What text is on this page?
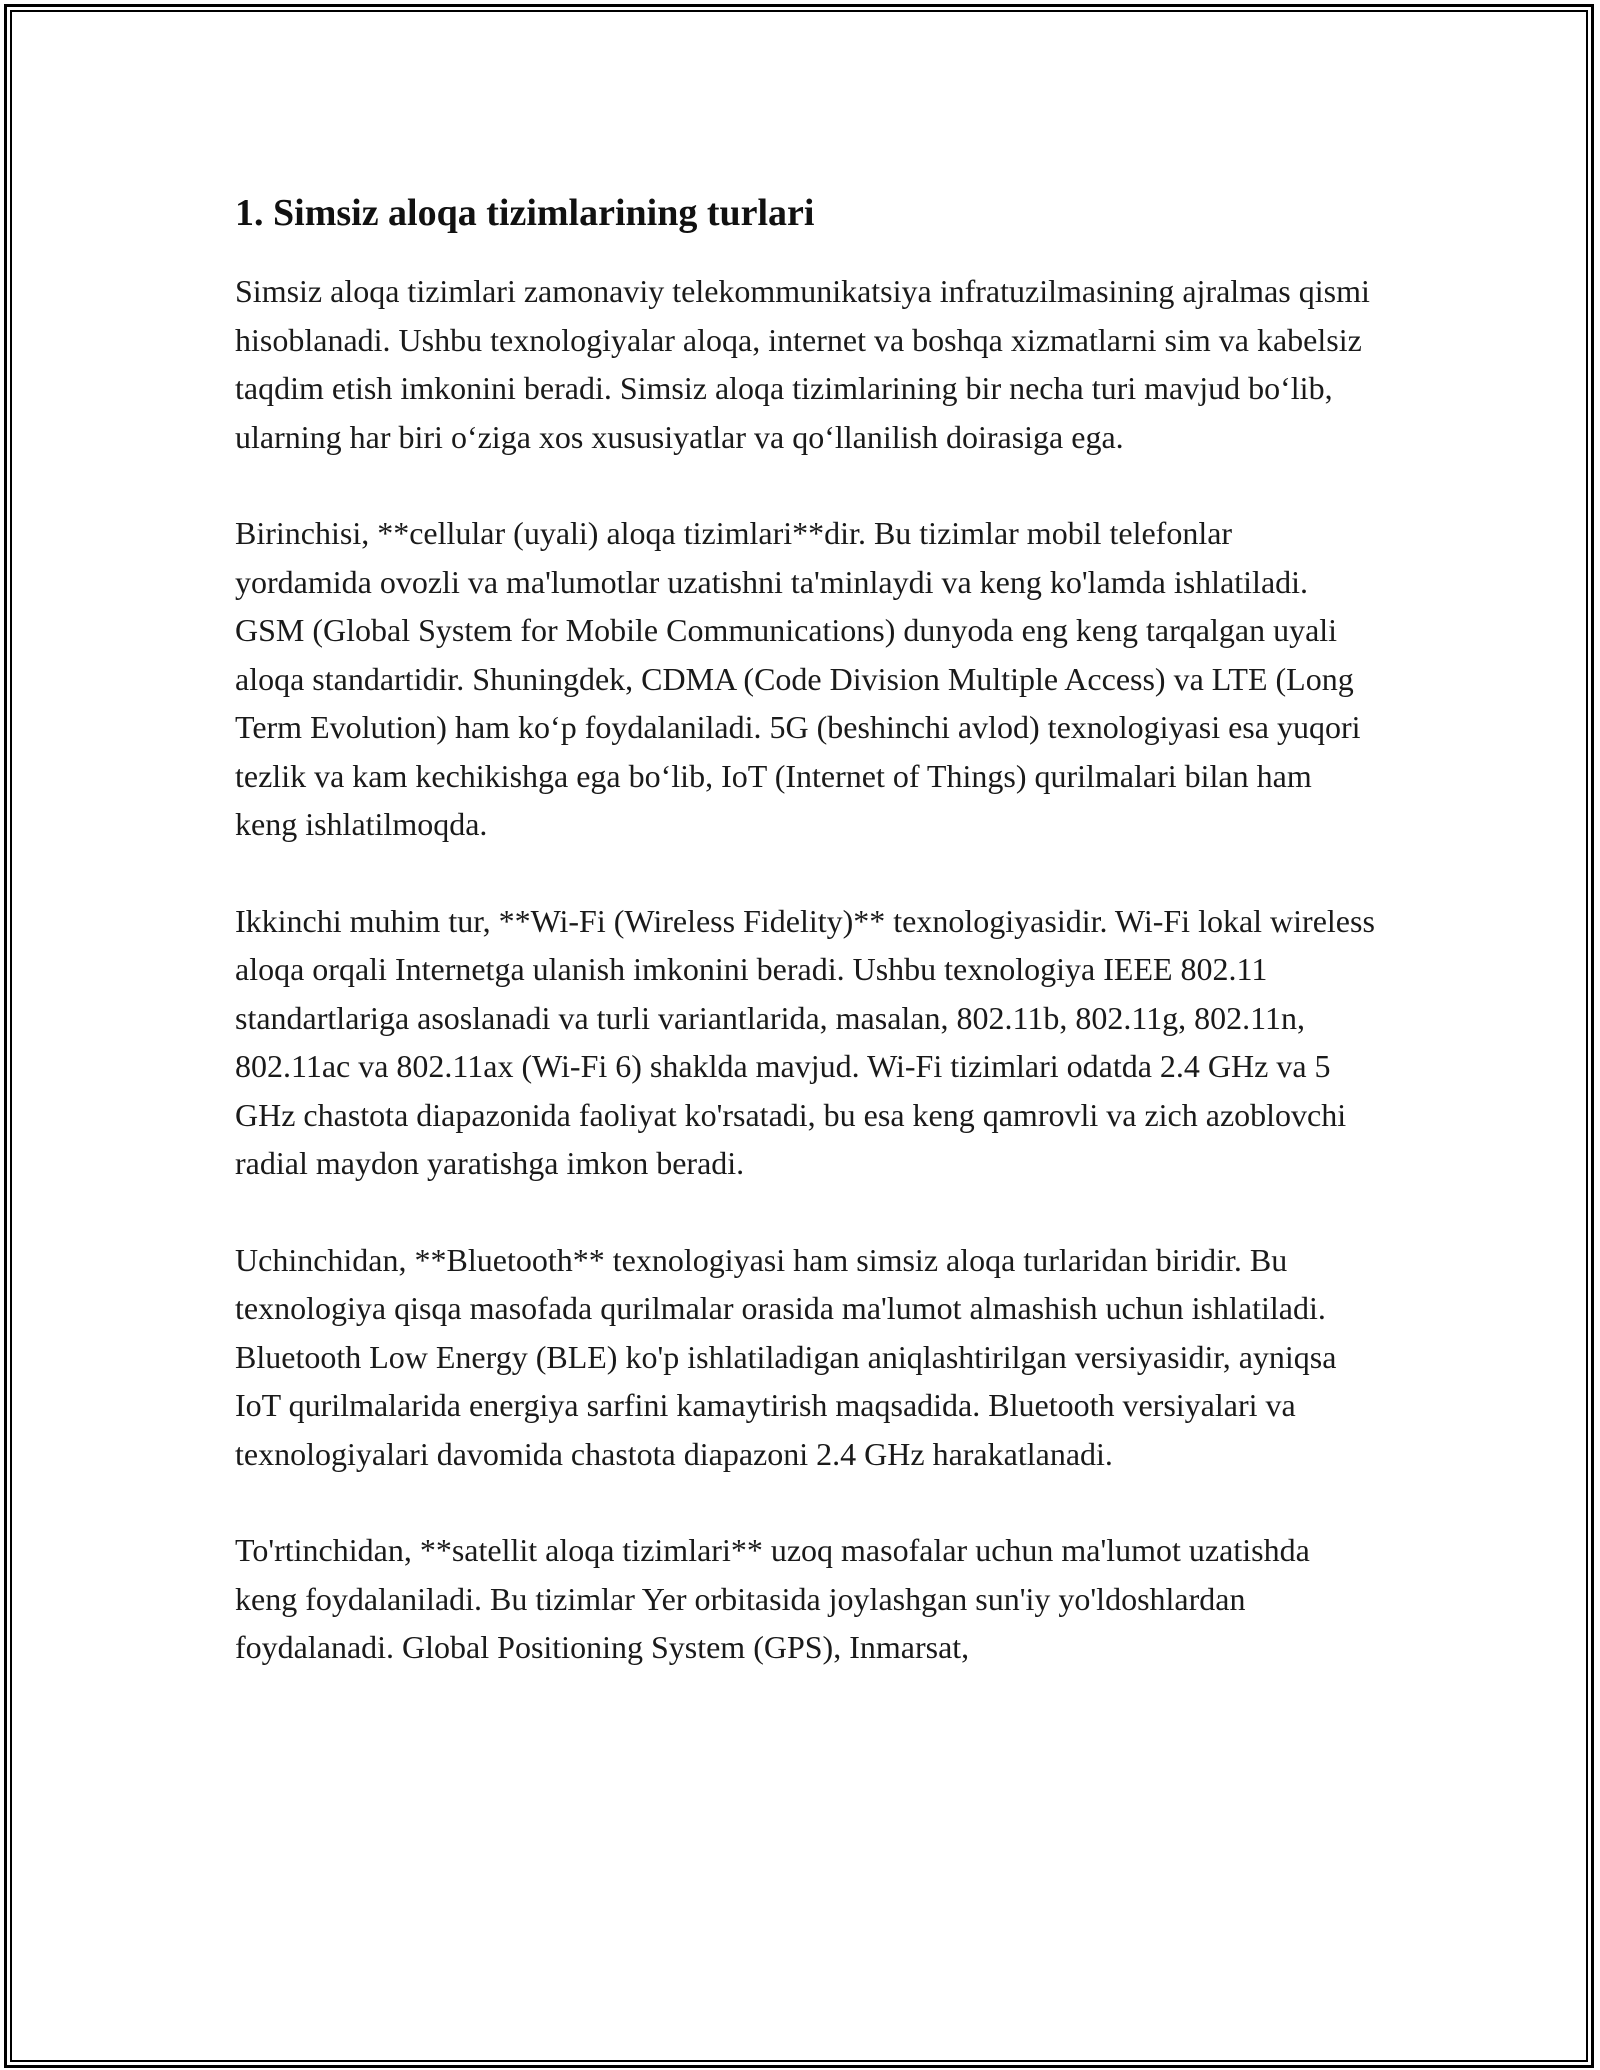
1. Simsiz aloqa tizimlarining turlari

Simsiz aloqa tizimlari zamonaviy telekommunikatsiya infratuzilmasining ajralmas qismi hisoblanadi. Ushbu texnologiyalar aloqa, internet va boshqa xizmatlarni sim va kabelsiz taqdim etish imkonini beradi. Simsiz aloqa tizimlarining bir necha turi mavjud bo‘lib, ularning har biri o‘ziga xos xususiyatlar va qo‘llanilish doirasiga ega.

Birinchisi, **cellular (uyali) aloqa tizimlari**dir. Bu tizimlar mobil telefonlar yordamida ovozli va ma'lumotlar uzatishni ta'minlaydi va keng ko'lamda ishlatiladi. GSM (Global System for Mobile Communications) dunyoda eng keng tarqalgan uyali aloqa standartidir. Shuningdek, CDMA (Code Division Multiple Access) va LTE (Long Term Evolution) ham ko‘p foydalaniladi. 5G (beshinchi avlod) texnologiyasi esa yuqori tezlik va kam kechikishga ega bo‘lib, IoT (Internet of Things) qurilmalari bilan ham keng ishlatilmoqda.

Ikkinchi muhim tur, **Wi-Fi (Wireless Fidelity)** texnologiyasidir. Wi-Fi lokal wireless aloqa orqali Internetga ulanish imkonini beradi. Ushbu texnologiya IEEE 802.11 standartlariga asoslanadi va turli variantlarida, masalan, 802.11b, 802.11g, 802.11n, 802.11ac va 802.11ax (Wi-Fi 6) shaklda mavjud. Wi-Fi tizimlari odatda 2.4 GHz va 5 GHz chastota diapazonida faoliyat ko'rsatadi, bu esa keng qamrovli va zich azoblovchi radial maydon yaratishga imkon beradi.

Uchinchidan, **Bluetooth** texnologiyasi ham simsiz aloqa turlaridan biridir. Bu texnologiya qisqa masofada qurilmalar orasida ma'lumot almashish uchun ishlatiladi. Bluetooth Low Energy (BLE) ko'p ishlatiladigan aniqlashtirilgan versiyasidir, ayniqsa IoT qurilmalarida energiya sarfini kamaytirish maqsadida. Bluetooth versiyalari va texnologiyalari davomida chastota diapazoni 2.4 GHz harakatlanadi.

To'rtinchidan, **satellit aloqa tizimlari** uzoq masofalar uchun ma'lumot uzatishda keng foydalaniladi. Bu tizimlar Yer orbitasida joylashgan sun'iy yo'ldoshlardan foydalanadi. Global Positioning System (GPS), Inmarsat,
